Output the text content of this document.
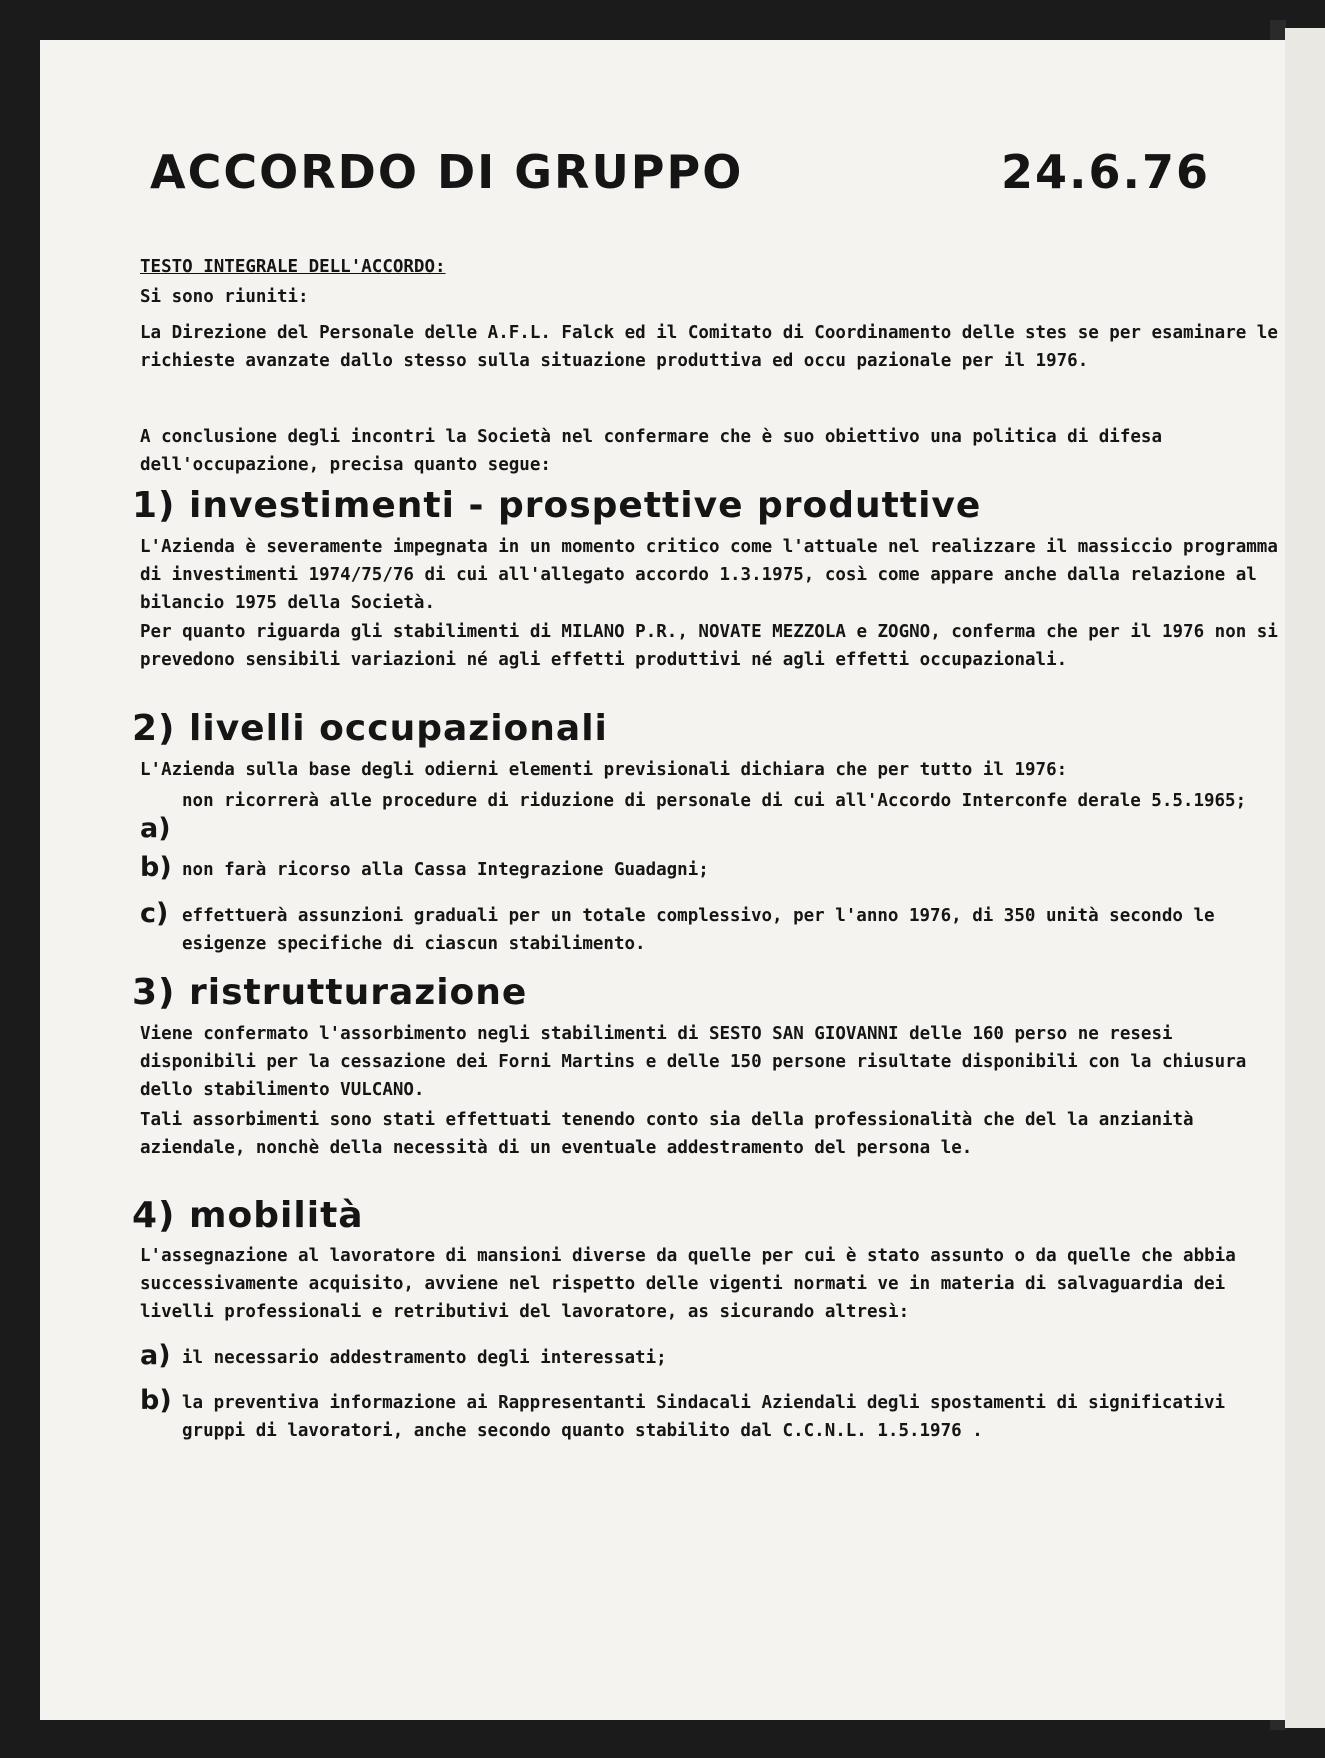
ACCORDO DI GRUPPO	24.6.76
TESTO INTEGRALE DELL'ACCORDO:
Si sono riuniti:
La Direzione del Personale delle A.F.L. Falck ed il Comitato di Coordinamento delle stes se per esaminare le richieste avanzate dallo stesso sulla situazione produttiva ed occu pazionale per il 1976.
A conclusione degli incontri la Società nel confermare che è suo obiettivo una politica di difesa dell'occupazione, precisa quanto segue:
1) investimenti - prospettive produttive
L'Azienda è severamente impegnata in un momento critico come l'attuale nel realizzare il massiccio programma di investimenti 1974/75/76 di cui all'allegato accordo 1.3.1975, così come appare anche dalla relazione al bilancio 1975 della Società.
Per quanto riguarda gli stabilimenti di MILANO P.R., NOVATE MEZZOLA e ZOGNO, conferma che per il 1976 non si prevedono sensibili variazioni né agli effetti produttivi né agli effetti occupazionali.
2) livelli occupazionali
L'Azienda sulla base degli odierni elementi previsionali dichiara che per tutto il 1976:
a)
non ricorrerà alle procedure di riduzione di personale di cui all'Accordo Interconfe derale 5.5.1965;
b) non farà ricorso alla Cassa Integrazione Guadagni;
c) effettuerà assunzioni graduali per un totale complessivo, per l'anno 1976, di 350 unità secondo le esigenze specifiche di ciascun stabilimento.
3) ristrutturazione
Viene confermato l'assorbimento negli stabilimenti di SESTO SAN GIOVANNI delle 160 perso ne resesi disponibili per la cessazione dei Forni Martins e delle 150 persone risultate disponibili con la chiusura dello stabilimento VULCANO.
Tali assorbimenti sono stati effettuati tenendo conto sia della professionalità che del la anzianità aziendale, nonchè della necessità di un eventuale addestramento del persona le.
4) mobilità
L'assegnazione al lavoratore di mansioni diverse da quelle per cui è stato assunto o da quelle che abbia successivamente acquisito, avviene nel rispetto delle vigenti normati ve in materia di salvaguardia dei livelli professionali e retributivi del lavoratore, as sicurando altresì:
a) il necessario addestramento degli interessati;
b) la preventiva informazione ai Rappresentanti Sindacali Aziendali degli spostamenti di significativi gruppi di lavoratori, anche secondo quanto stabilito dal C.C.N.L. 1.5.1976 .
